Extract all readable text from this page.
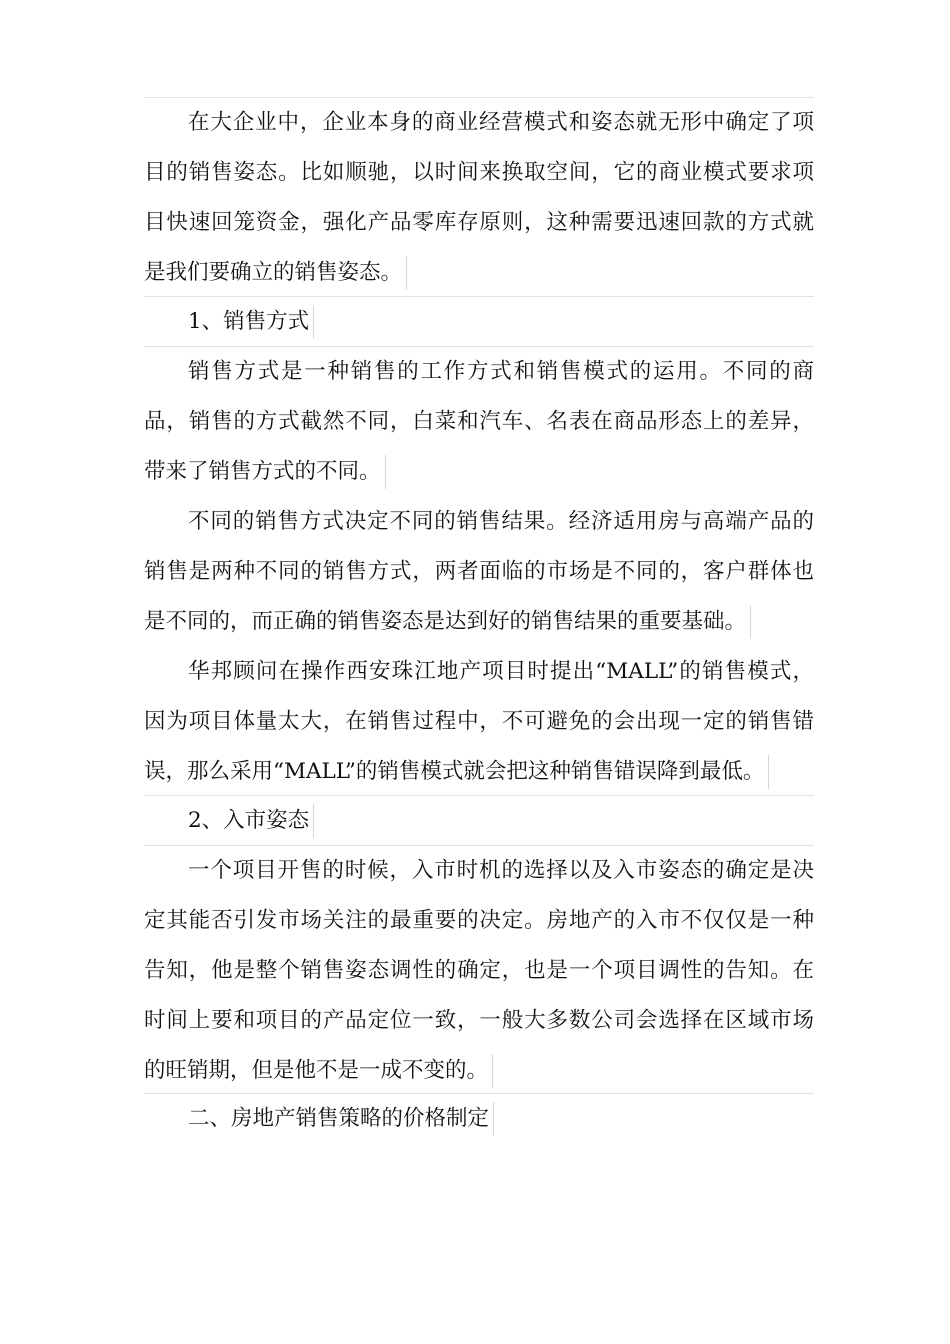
在大企业中，企业本身的商业经营模式和姿态就无形中确定了项
目的销售姿态。比如顺驰，以时间来换取空间，它的商业模式要求项
目快速回笼资金，强化产品零库存原则，这种需要迅速回款的方式就
是我们要确立的销售姿态。
1、销售方式
销售方式是一种销售的工作方式和销售模式的运用。不同的商
品，销售的方式截然不同，白菜和汽车、名表在商品形态上的差异，
带来了销售方式的不同。
不同的销售方式决定不同的销售结果。经济适用房与高端产品的
销售是两种不同的销售方式，两者面临的市场是不同的，客户群体也
是不同的，而正确的销售姿态是达到好的销售结果的重要基础。
华邦顾问在操作西安珠江地产项目时提出“MALL”的销售模式，
因为项目体量太大，在销售过程中，不可避免的会出现一定的销售错
误，那么采用“MALL”的销售模式就会把这种销售错误降到最低。
2、入市姿态
一个项目开售的时候，入市时机的选择以及入市姿态的确定是决
定其能否引发市场关注的最重要的决定。房地产的入市不仅仅是一种
告知，他是整个销售姿态调性的确定，也是一个项目调性的告知。在
时间上要和项目的产品定位一致，一般大多数公司会选择在区域市场
的旺销期，但是他不是一成不变的。
二、房地产销售策略的价格制定
